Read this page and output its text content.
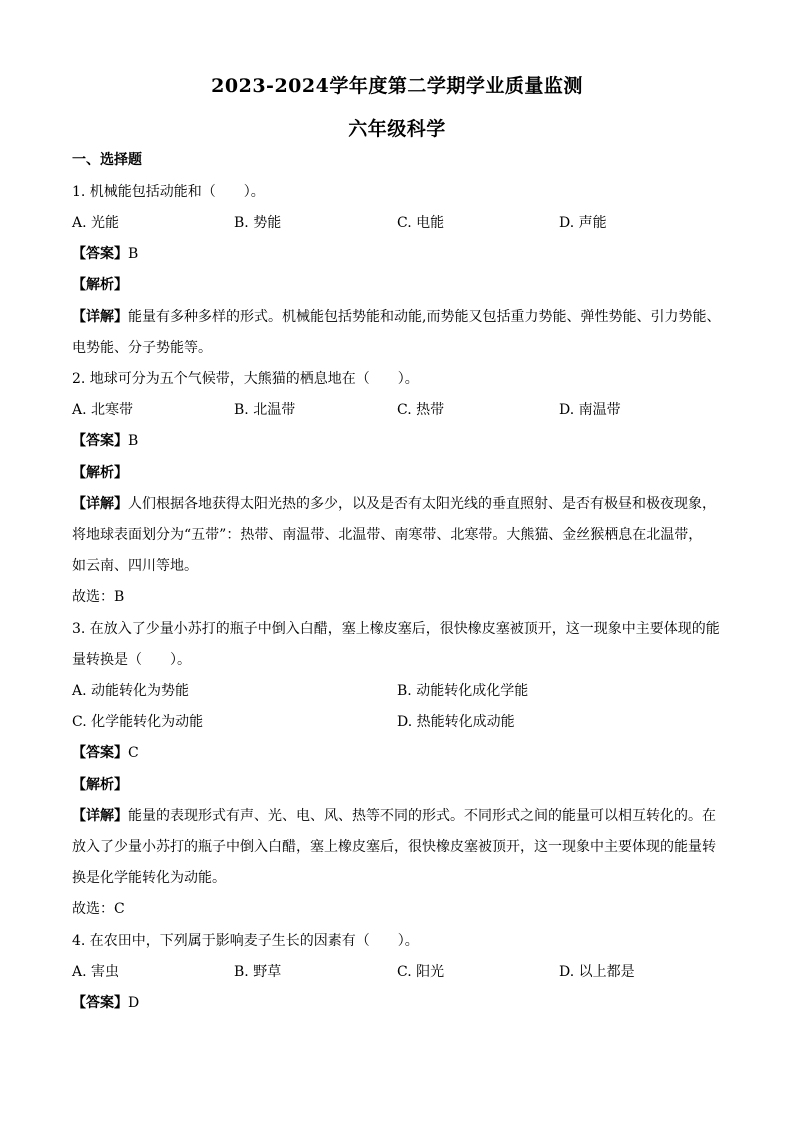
2023-2024学年度第二学期学业质量监测
六年级科学
一、选择题
1. 机械能包括动能和（　　）。
A. 光能	B. 势能	C. 电能	D. 声能
【答案】B
【解析】
【详解】能量有多种多样的形式。机械能包括势能和动能,而势能又包括重力势能、弹性势能、引力势能、
电势能、分子势能等。
2. 地球可分为五个气候带，大熊猫的栖息地在（　　）。
A. 北寒带	B. 北温带	C. 热带	D. 南温带
【答案】B
【解析】
【详解】人们根据各地获得太阳光热的多少，以及是否有太阳光线的垂直照射、是否有极昼和极夜现象，
将地球表面划分为“五带”：热带、南温带、北温带、南寒带、北寒带。大熊猫、金丝猴栖息在北温带，
如云南、四川等地。
故选：B
3. 在放入了少量小苏打的瓶子中倒入白醋，塞上橡皮塞后，很快橡皮塞被顶开，这一现象中主要体现的能
量转换是（　　）。
A. 动能转化为势能	B. 动能转化成化学能
C. 化学能转化为动能	D. 热能转化成动能
【答案】C
【解析】
【详解】能量的表现形式有声、光、电、风、热等不同的形式。不同形式之间的能量可以相互转化的。在
放入了少量小苏打的瓶子中倒入白醋，塞上橡皮塞后，很快橡皮塞被顶开，这一现象中主要体现的能量转
换是化学能转化为动能。
故选：C
4. 在农田中，下列属于影响麦子生长的因素有（　　）。
A. 害虫	B. 野草	C. 阳光	D. 以上都是
【答案】D
